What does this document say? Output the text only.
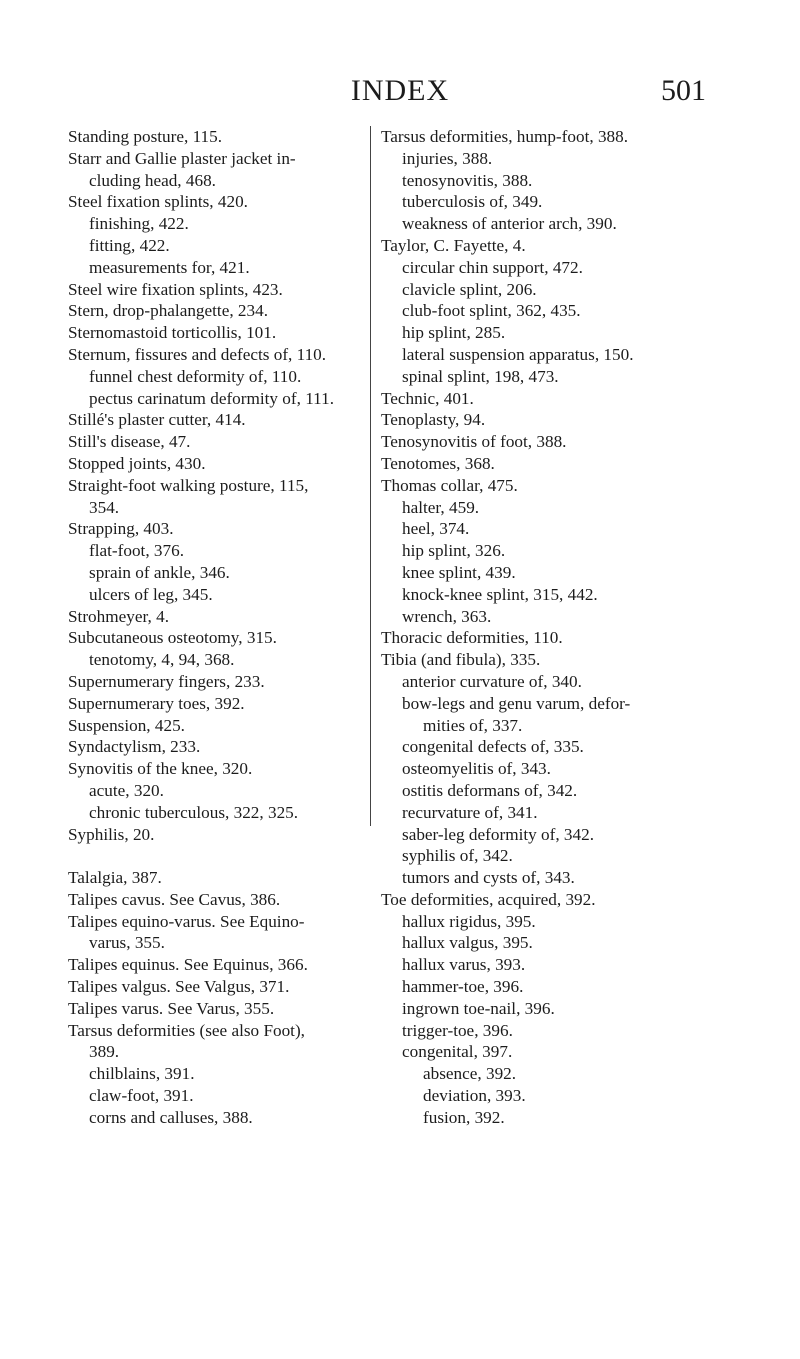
INDEX	501
Standing posture, 115.
Starr and Gallie plaster jacket in-
cluding head, 468.
Steel fixation splints, 420.
finishing, 422.
fitting, 422.
measurements for, 421.
Steel wire fixation splints, 423.
Stern, drop-phalangette, 234.
Sternomastoid torticollis, 101.
Sternum, fissures and defects of, 110.
funnel chest deformity of, 110.
pectus carinatum deformity of, 111.
Stillé's plaster cutter, 414.
Still's disease, 47.
Stopped joints, 430.
Straight-foot walking posture, 115,
354.
Strapping, 403.
flat-foot, 376.
sprain of ankle, 346.
ulcers of leg, 345.
Strohmeyer, 4.
Subcutaneous osteotomy, 315.
tenotomy, 4, 94, 368.
Supernumerary fingers, 233.
Supernumerary toes, 392.
Suspension, 425.
Syndactylism, 233.
Synovitis of the knee, 320.
acute, 320.
chronic tuberculous, 322, 325.
Syphilis, 20.
Talalgia, 387.
Talipes cavus. See Cavus, 386.
Talipes equino-varus. See Equino-
varus, 355.
Talipes equinus. See Equinus, 366.
Talipes valgus. See Valgus, 371.
Talipes varus. See Varus, 355.
Tarsus deformities (see also Foot),
389.
chilblains, 391.
claw-foot, 391.
corns and calluses, 388.
Tarsus deformities, hump-foot, 388.
injuries, 388.
tenosynovitis, 388.
tuberculosis of, 349.
weakness of anterior arch, 390.
Taylor, C. Fayette, 4.
circular chin support, 472.
clavicle splint, 206.
club-foot splint, 362, 435.
hip splint, 285.
lateral suspension apparatus, 150.
spinal splint, 198, 473.
Technic, 401.
Tenoplasty, 94.
Tenosynovitis of foot, 388.
Tenotomes, 368.
Thomas collar, 475.
halter, 459.
heel, 374.
hip splint, 326.
knee splint, 439.
knock-knee splint, 315, 442.
wrench, 363.
Thoracic deformities, 110.
Tibia (and fibula), 335.
anterior curvature of, 340.
bow-legs and genu varum, defor-
mities of, 337.
congenital defects of, 335.
osteomyelitis of, 343.
ostitis deformans of, 342.
recurvature of, 341.
saber-leg deformity of, 342.
syphilis of, 342.
tumors and cysts of, 343.
Toe deformities, acquired, 392.
hallux rigidus, 395.
hallux valgus, 395.
hallux varus, 393.
hammer-toe, 396.
ingrown toe-nail, 396.
trigger-toe, 396.
congenital, 397.
absence, 392.
deviation, 393.
fusion, 392.
